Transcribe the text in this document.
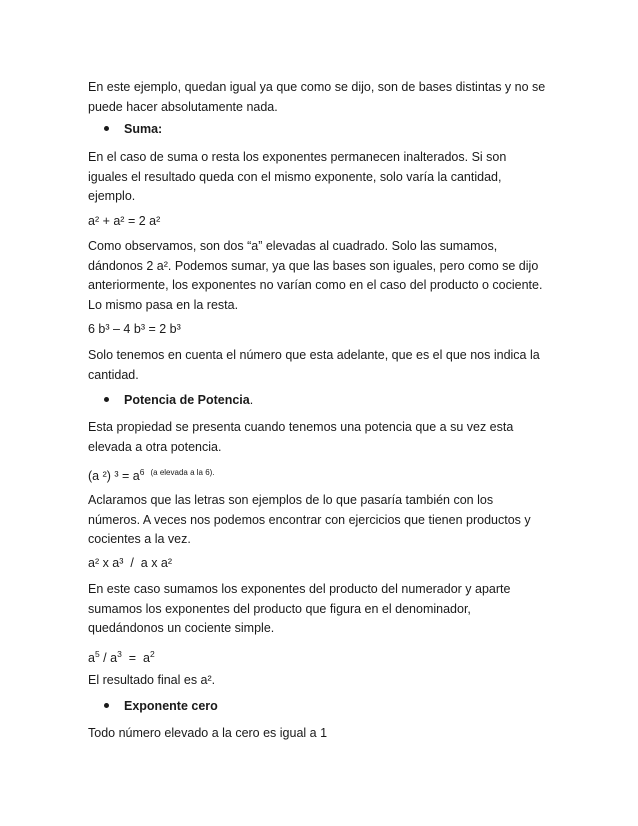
En este ejemplo, quedan igual ya que como se dijo, son de bases distintas y no se
puede hacer absolutamente nada.
Suma:
En el caso de suma o resta los exponentes permanecen inalterados. Si son
iguales el resultado queda con el mismo exponente, solo varía la cantidad,
ejemplo.
a² + a² = 2 a²
Como observamos, son dos “a” elevadas al cuadrado. Solo las sumamos,
dándonos 2 a². Podemos sumar, ya que las bases son iguales, pero como se dijo
anteriormente, los exponentes no varían como en el caso del producto o cociente.
Lo mismo pasa en la resta.
6 b³ – 4 b³ = 2 b³
Solo tenemos en cuenta el número que esta adelante, que es el que nos indica la
cantidad.
Potencia de Potencia.
Esta propiedad se presenta cuando tenemos una potencia que a su vez esta
elevada a otra potencia.
(a ²) $^3 = a^6$ $^{(a elevada a la 6).}$
Aclaramos que las letras son ejemplos de lo que pasaría también con los
números. A veces nos podemos encontrar con ejercicios que tienen productos y
cocientes a la vez.
a² x a³  /  a x a²
En este caso sumamos los exponentes del producto del numerador y aparte
sumamos los exponentes del producto que figura en el denominador,
quedándonos un cociente simple.
$a^5 / a^3 = a^2$
El resultado final es a².
Exponente cero
Todo número elevado a la cero es igual a 1
